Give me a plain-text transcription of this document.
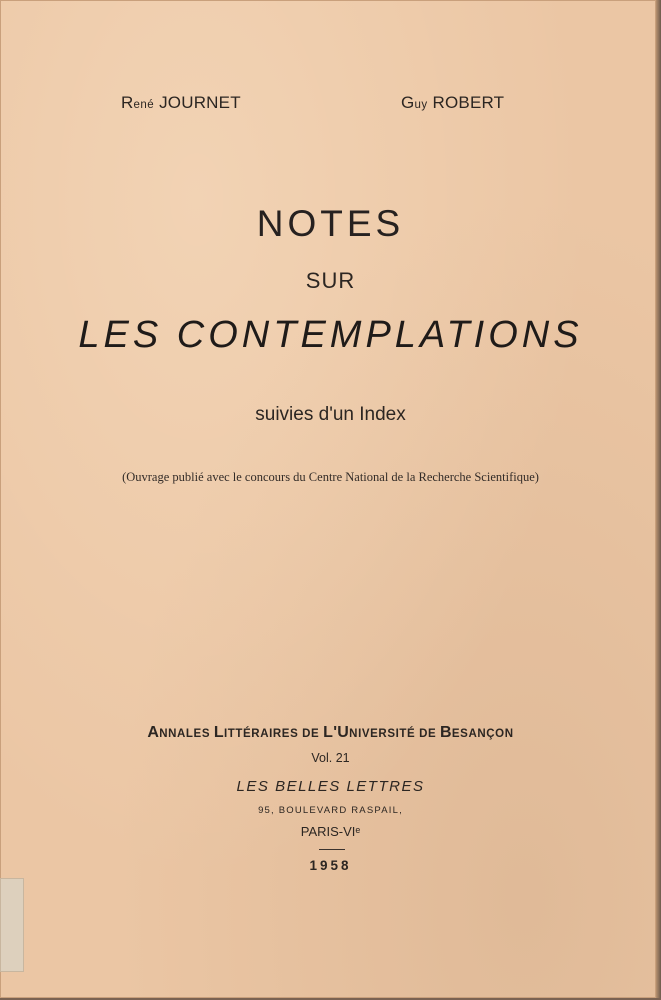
René JOURNET	Guy ROBERT
NOTES
SUR
LES CONTEMPLATIONS
suivies d'un Index
(Ouvrage publié avec le concours du Centre National de la Recherche Scientifique)
ANNALES LITTÉRAIRES DE L'UNIVERSITÉ DE BESANÇON
Vol. 21
LES BELLES LETTRES
95, BOULEVARD RASPAIL,
PARIS-VIᵉ
1958
